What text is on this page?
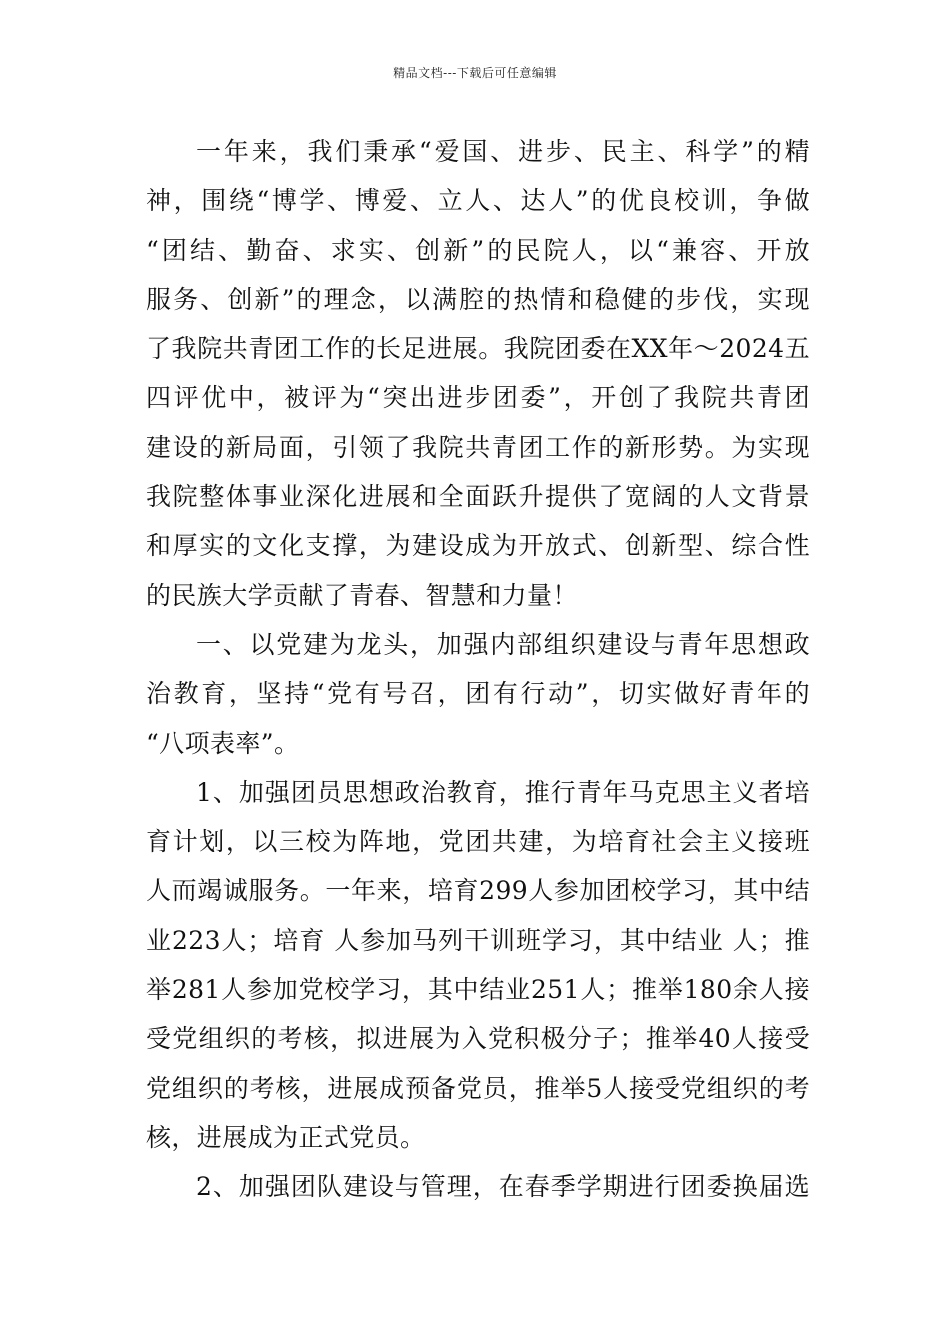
精品文档---下载后可任意编辑
一年来，我们秉承“爱国、进步、民主、科学”的精
神，围绕“博学、博爱、立人、达人”的优良校训，争做
“团结、勤奋、求实、创新”的民院人，以“兼容、开放
服务、创新”的理念，以满腔的热情和稳健的步伐，实现
了我院共青团工作的长足进展。我院团委在XX年～2024五
四评优中，被评为“突出进步团委”，开创了我院共青团
建设的新局面，引领了我院共青团工作的新形势。为实现
我院整体事业深化进展和全面跃升提供了宽阔的人文背景
和厚实的文化支撑，为建设成为开放式、创新型、综合性
的民族大学贡献了青春、智慧和力量！
一、以党建为龙头，加强内部组织建设与青年思想政
治教育，坚持“党有号召，团有行动”，切实做好青年的
“八项表率”。
1、加强团员思想政治教育，推行青年马克思主义者培
育计划，以三校为阵地，党团共建，为培育社会主义接班
人而竭诚服务。一年来，培育299人参加团校学习，其中结
业223人；培育 人参加马列干训班学习，其中结业 人；推
举281人参加党校学习，其中结业251人；推举180余人接
受党组织的考核，拟进展为入党积极分子；推举40人接受
党组织的考核，进展成预备党员，推举5人接受党组织的考
核，进展成为正式党员。
2、加强团队建设与管理，在春季学期进行团委换届选
